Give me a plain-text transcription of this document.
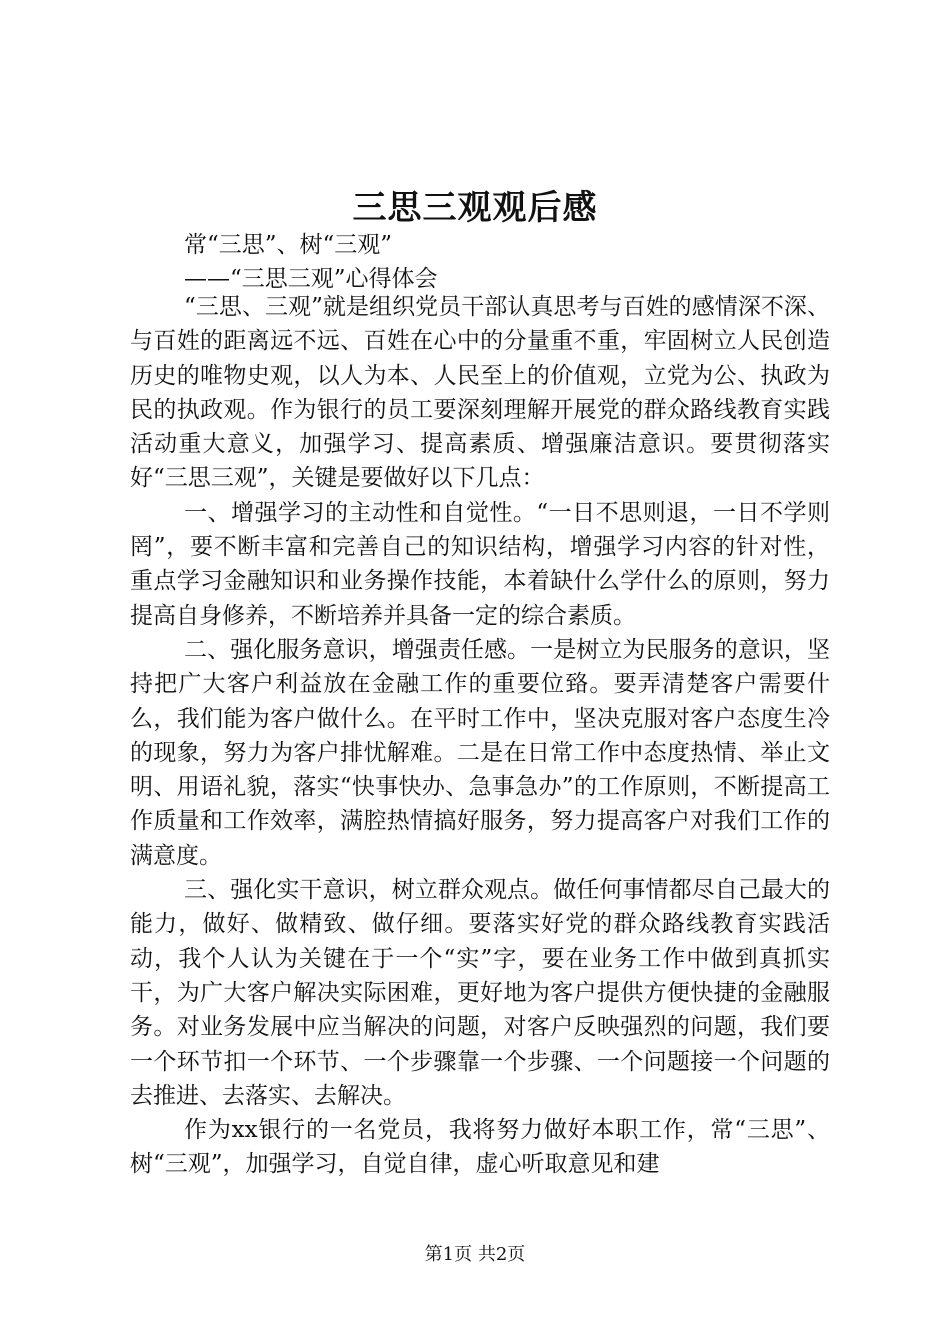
三思三观观后感
常“三思”、树“三观”
——“三思三观”心得体会

“三思、三观”就是组织党员干部认真思考与百姓的感情深不深、与百姓的距离远不远、百姓在心中的分量重不重，牢固树立人民创造历史的唯物史观，以人为本、人民至上的价值观，立党为公、执政为民的执政观。作为银行的员工要深刻理解开展党的群众路线教育实践活动重大意义，加强学习、提高素质、增强廉洁意识。要贯彻落实好“三思三观”，关键是要做好以下几点：

一、增强学习的主动性和自觉性。“一日不思则退，一日不学则罔”，要不断丰富和完善自己的知识结构，增强学习内容的针对性，重点学习金融知识和业务操作技能，本着缺什么学什么的原则，努力提高自身修养，不断培养并具备一定的综合素质。

二、强化服务意识，增强责任感。一是树立为民服务的意识，坚持把广大客户利益放在金融工作的重要位臵。要弄清楚客户需要什么，我们能为客户做什么。在平时工作中，坚决克服对客户态度生冷的现象，努力为客户排忧解难。二是在日常工作中态度热情、举止文明、用语礼貌，落实“快事快办、急事急办”的工作原则，不断提高工作质量和工作效率，满腔热情搞好服务，努力提高客户对我们工作的满意度。

三、强化实干意识，树立群众观点。做任何事情都尽自己最大的能力，做好、做精致、做仔细。要落实好党的群众路线教育实践活动，我个人认为关键在于一个“实”字，要在业务工作中做到真抓实干，为广大客户解决实际困难，更好地为客户提供方便快捷的金融服务。对业务发展中应当解决的问题，对客户反映强烈的问题，我们要一个环节扣一个环节、一个步骤靠一个步骤、一个问题接一个问题的去推进、去落实、去解决。

作为xx银行的一名党员，我将努力做好本职工作，常“三思”、树“三观”，加强学习，自觉自律，虚心听取意见和建

第1页 共2页
